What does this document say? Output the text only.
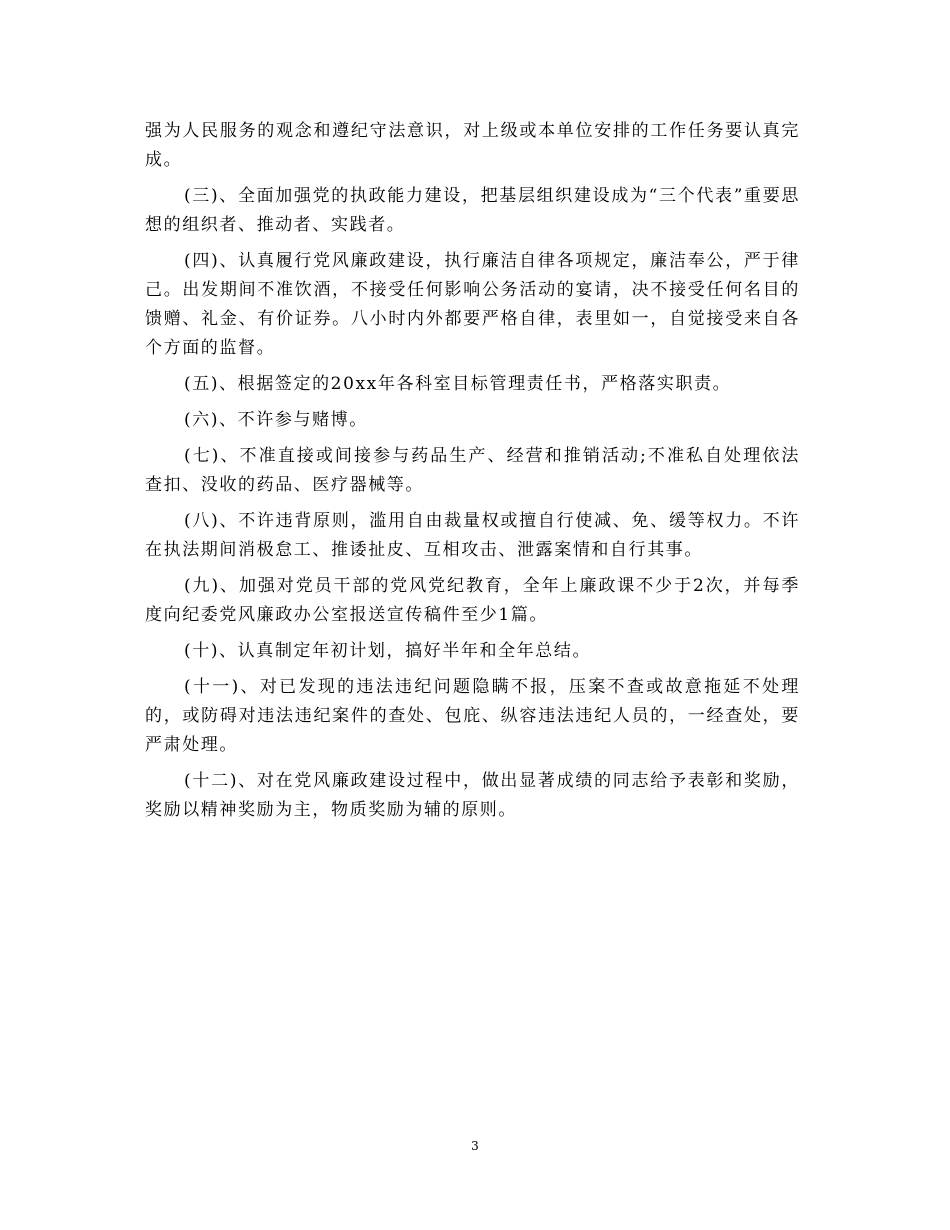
强为人民服务的观念和遵纪守法意识，对上级或本单位安排的工作任务要认真完成。

(三)、全面加强党的执政能力建设，把基层组织建设成为“三个代表”重要思想的组织者、推动者、实践者。

(四)、认真履行党风廉政建设，执行廉洁自律各项规定，廉洁奉公，严于律己。出发期间不准饮酒，不接受任何影响公务活动的宴请，决不接受任何名目的馈赠、礼金、有价证券。八小时内外都要严格自律，表里如一，自觉接受来自各个方面的监督。

(五)、根据签定的20xx年各科室目标管理责任书，严格落实职责。

(六)、不许参与赌博。

(七)、不准直接或间接参与药品生产、经营和推销活动;不准私自处理依法查扣、没收的药品、医疗器械等。

(八)、不许违背原则，滥用自由裁量权或擅自行使减、免、缓等权力。不许在执法期间消极怠工、推诿扯皮、互相攻击、泄露案情和自行其事。

(九)、加强对党员干部的党风党纪教育，全年上廉政课不少于2次，并每季度向纪委党风廉政办公室报送宣传稿件至少1篇。

(十)、认真制定年初计划，搞好半年和全年总结。

(十一)、对已发现的违法违纪问题隐瞒不报，压案不查或故意拖延不处理的，或防碍对违法违纪案件的查处、包庇、纵容违法违纪人员的，一经查处，要严肃处理。

(十二)、对在党风廉政建设过程中，做出显著成绩的同志给予表彰和奖励，奖励以精神奖励为主，物质奖励为辅的原则。

3
